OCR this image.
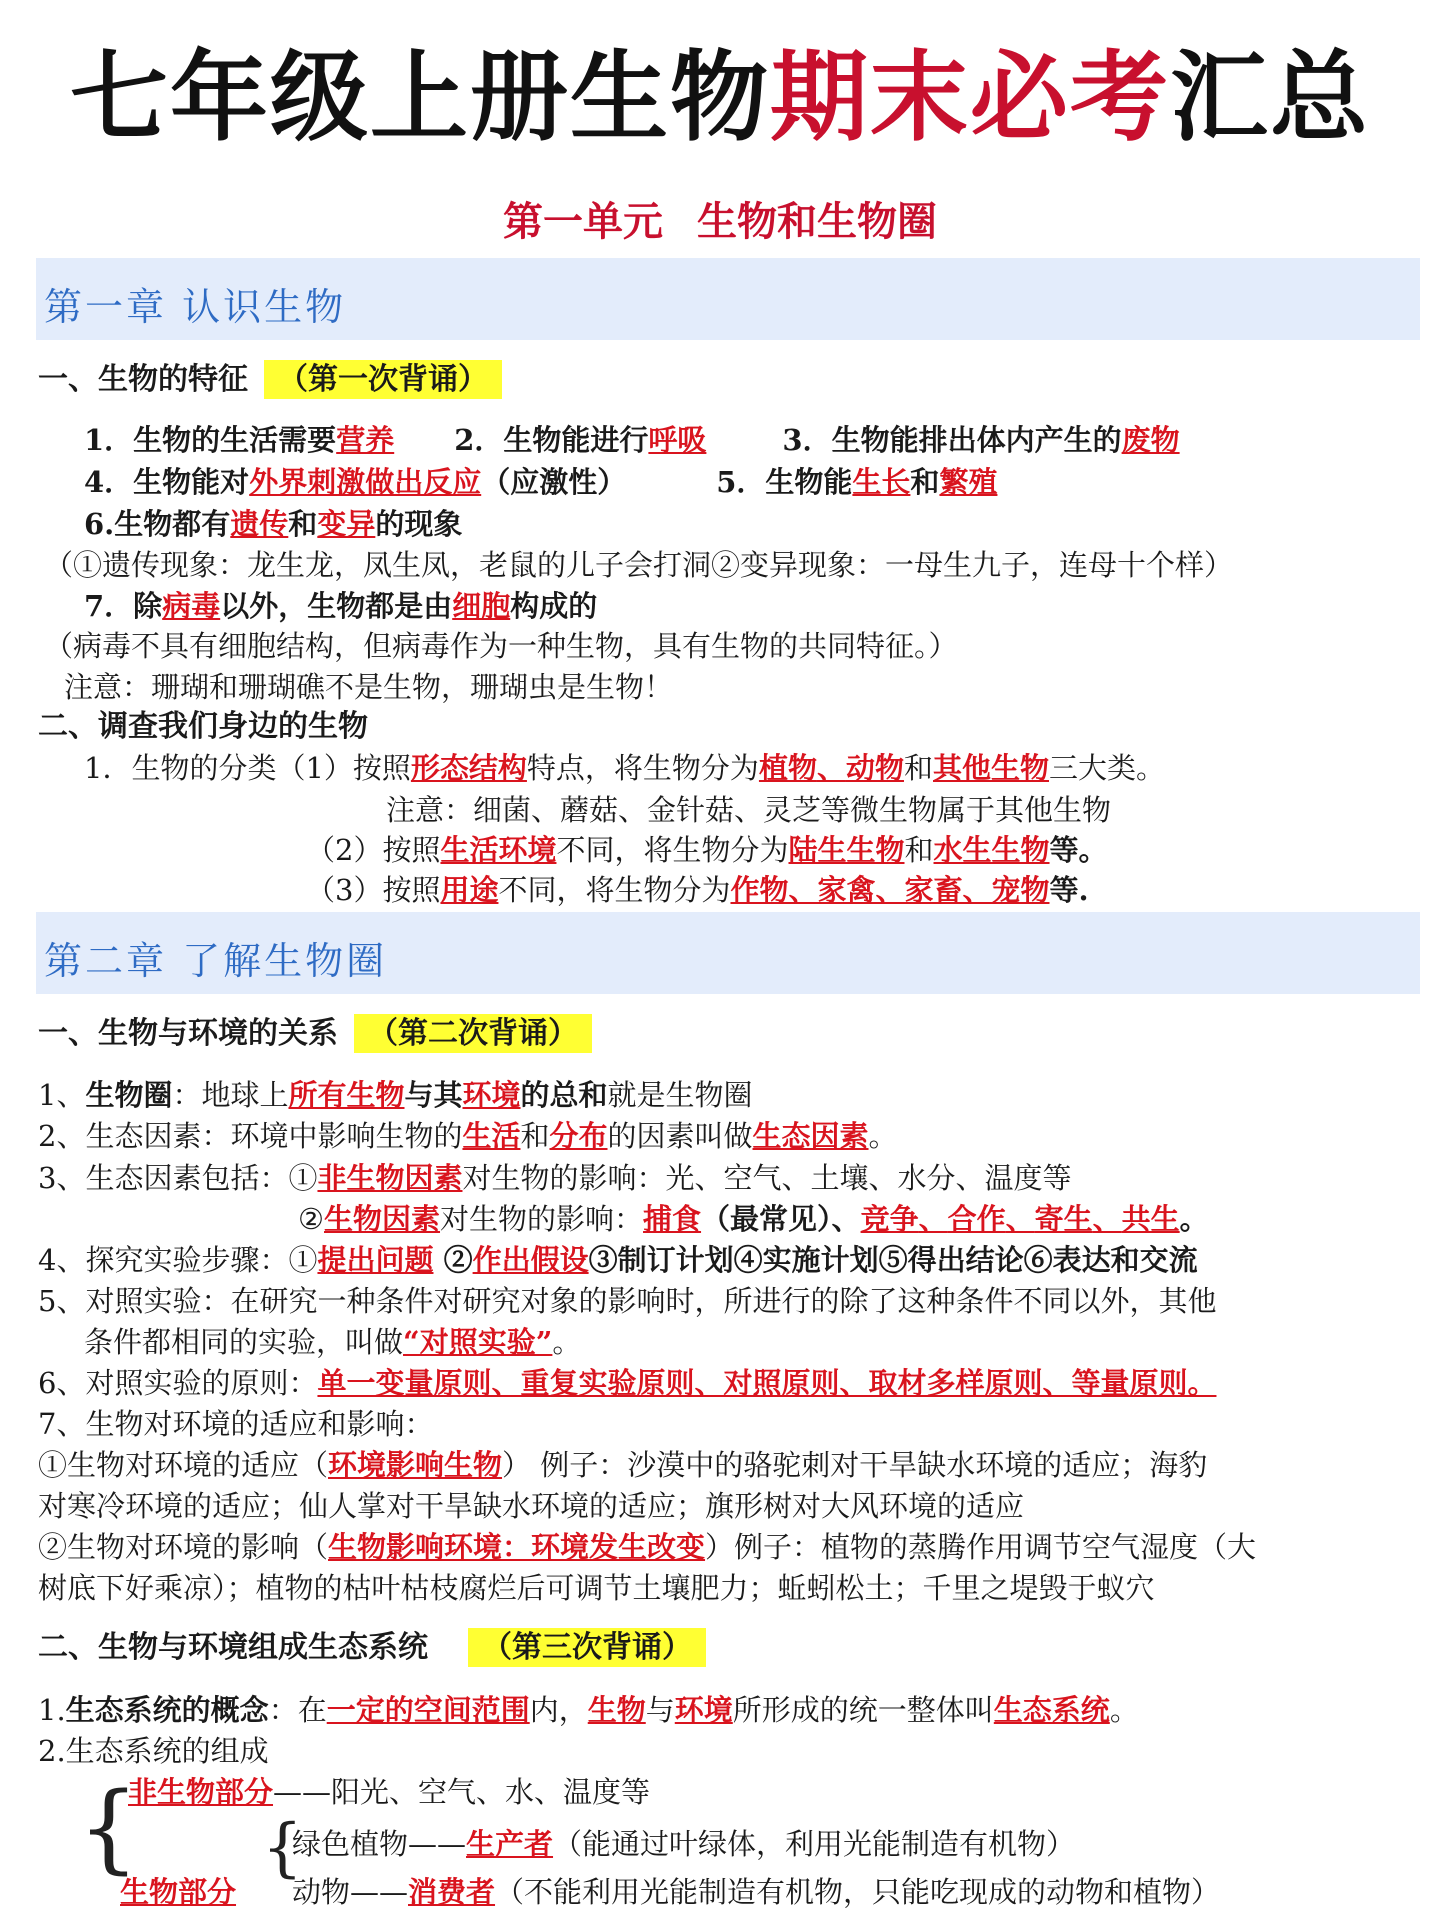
七年级上册生物期末必考汇总
第一单元 生物和生物圈
第一章 认识生物
一、生物的特征 （第一次背诵）
1．生物的生活需要营养 2．生物能进行呼吸	3．生物能排出体内产生的废物
4．生物能对外界刺激做出反应（应激性）	5．生物能生长和繁殖
6.生物都有遗传和变异的现象
（①遗传现象：龙生龙，凤生凤，老鼠的儿子会打洞②变异现象：一母生九子，连母十个样）
7．除病毒以外，生物都是由细胞构成的
（病毒不具有细胞结构，但病毒作为一种生物，具有生物的共同特征。）
注意：珊瑚和珊瑚礁不是生物，珊瑚虫是生物！
二、调查我们身边的生物
1．生物的分类（1）按照形态结构特点，将生物分为植物、动物和其他生物三大类。
注意：细菌、蘑菇、金针菇、灵芝等微生物属于其他生物
（2）按照生活环境不同，将生物分为陆生生物和水生生物等。
（3）按照用途不同，将生物分为作物、家禽、家畜、宠物等.
第二章 了解生物圈
一、生物与环境的关系 （第二次背诵）
1、生物圈：地球上所有生物与其环境的总和就是生物圈
2、生态因素：环境中影响生物的生活和分布的因素叫做生态因素。
3、生态因素包括：①非生物因素对生物的影响：光、空气、土壤、水分、温度等
②生物因素对生物的影响：捕食（最常见）、竞争、合作、寄生、共生。
4、探究实验步骤：①提出问题 ②作出假设③制订计划④实施计划⑤得出结论⑥表达和交流
5、对照实验：在研究一种条件对研究对象的影响时，所进行的除了这种条件不同以外，其他
条件都相同的实验，叫做“对照实验”。
6、对照实验的原则：单一变量原则、重复实验原则、对照原则、取材多样原则、等量原则。
7、生物对环境的适应和影响：
①生物对环境的适应（环境影响生物） 例子：沙漠中的骆驼刺对干旱缺水环境的适应；海豹
对寒冷环境的适应；仙人掌对干旱缺水环境的适应；旗形树对大风环境的适应
②生物对环境的影响（生物影响环境：环境发生改变）例子：植物的蒸腾作用调节空气湿度（大
树底下好乘凉）；植物的枯叶枯枝腐烂后可调节土壤肥力；蚯蚓松土；千里之堤毁于蚁穴
二、生物与环境组成生态系统 （第三次背诵）
1.生态系统的概念：在一定的空间范围内，生物与环境所形成的统一整体叫生态系统。
2.生态系统的组成
{
非生物部分——阳光、空气、水、温度等
{
绿色植物——生产者（能通过叶绿体，利用光能制造有机物）
生物部分 动物——消费者（不能利用光能制造有机物，只能吃现成的动物和植物）
